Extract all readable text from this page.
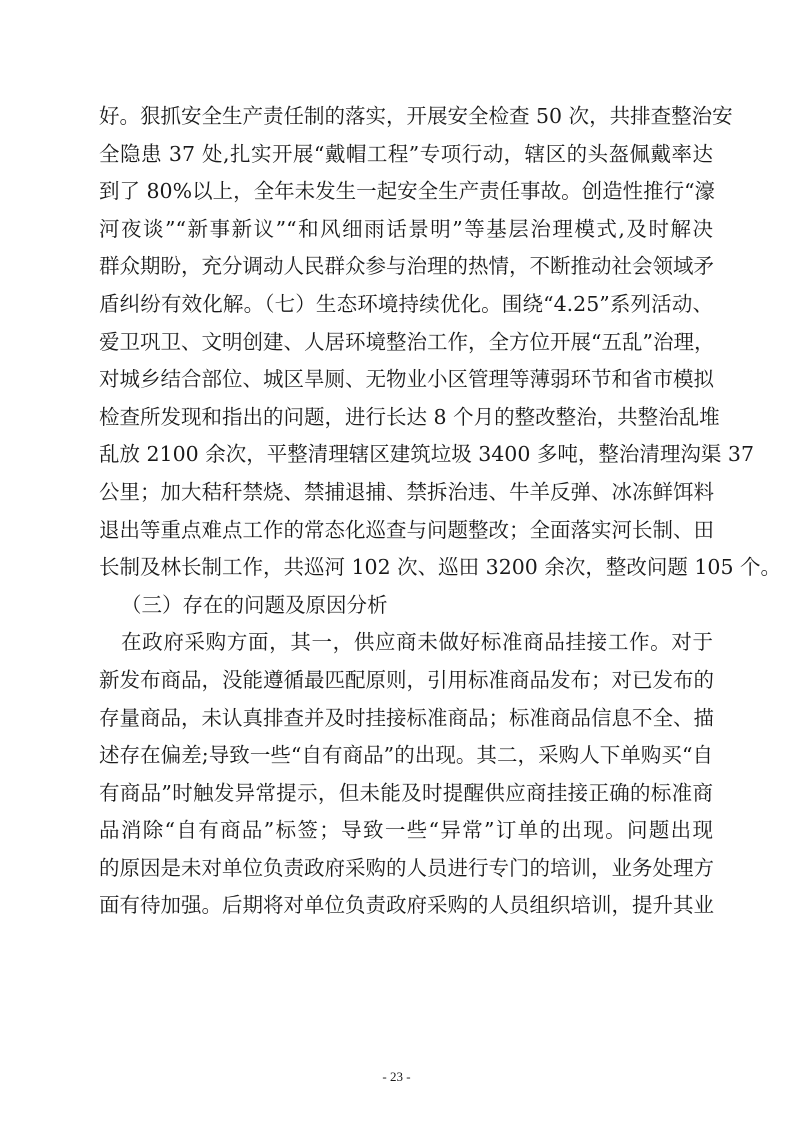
好。狠抓安全生产责任制的落实，开展安全检查 50 次，共排查整治安
全隐患 37 处,扎实开展“戴帽工程”专项行动，辖区的头盔佩戴率达
到了 80%以上，全年未发生一起安全生产责任事故。创造性推行“濠
河夜谈”“新事新议”“和风细雨话景明”等基层治理模式,及时解决
群众期盼，充分调动人民群众参与治理的热情，不断推动社会领域矛
盾纠纷有效化解。（七）生态环境持续优化。围绕“4.25”系列活动、
爱卫巩卫、文明创建、人居环境整治工作，全方位开展“五乱”治理，
对城乡结合部位、城区旱厕、无物业小区管理等薄弱环节和省市模拟
检查所发现和指出的问题，进行长达 8 个月的整改整治，共整治乱堆
乱放 2100 余次，平整清理辖区建筑垃圾 3400 多吨，整治清理沟渠 37
公里；加大秸秆禁烧、禁捕退捕、禁拆治违、牛羊反弹、冰冻鲜饵料
退出等重点难点工作的常态化巡查与问题整改；全面落实河长制、田
长制及林长制工作，共巡河 102 次、巡田 3200 余次，整改问题 105 个。
（三）存在的问题及原因分析
在政府采购方面，其一，供应商未做好标准商品挂接工作。对于
新发布商品，没能遵循最匹配原则，引用标准商品发布；对已发布的
存量商品，未认真排查并及时挂接标准商品；标准商品信息不全、描
述存在偏差;导致一些“自有商品”的出现。其二，采购人下单购买“自
有商品”时触发异常提示，但未能及时提醒供应商挂接正确的标准商
品消除“自有商品”标签；导致一些“异常”订单的出现。问题出现
的原因是未对单位负责政府采购的人员进行专门的培训，业务处理方
面有待加强。后期将对单位负责政府采购的人员组织培训，提升其业
- 23 -
